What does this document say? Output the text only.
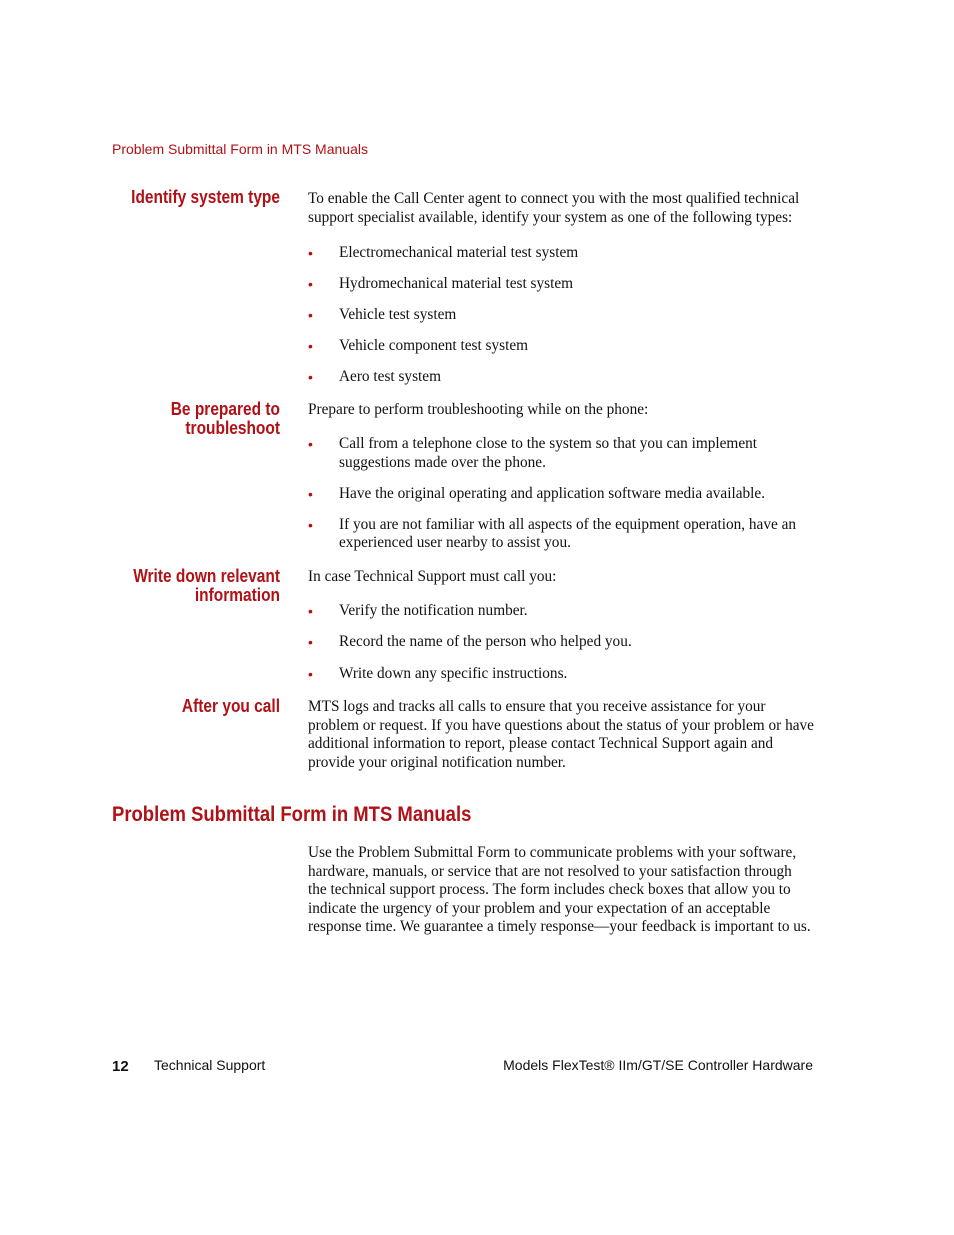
Problem Submittal Form in MTS Manuals
Identify system type To enable the Call Center agent to connect you with the most qualified technical support specialist available, identify your system as one of the following types:

• Electromechanical material test system
• Hydromechanical material test system
• Vehicle test system
• Vehicle component test system
• Aero test system
Be prepared to
troubleshoot

Prepare to perform troubleshooting while on the phone:

• Call from a telephone close to the system so that you can implement suggestions made over the phone.
• Have the original operating and application software media available.
• If you are not familiar with all aspects of the equipment operation, have an experienced user nearby to assist you.
Write down relevant
information

In case Technical Support must call you:

• Verify the notification number.
• Record the name of the person who helped you.
• Write down any specific instructions.
After you call MTS logs and tracks all calls to ensure that you receive assistance for your problem or request. If you have questions about the status of your problem or have additional information to report, please contact Technical Support again and provide your original notification number.

Problem Submittal Form in MTS Manuals

Use the Problem Submittal Form to communicate problems with your software, hardware, manuals, or service that are not resolved to your satisfaction through the technical support process. The form includes check boxes that allow you to indicate the urgency of your problem and your expectation of an acceptable response time. We guarantee a timely response—your feedback is important to us.

12 Technical Support	Models FlexTest® IIm/GT/SE Controller Hardware
